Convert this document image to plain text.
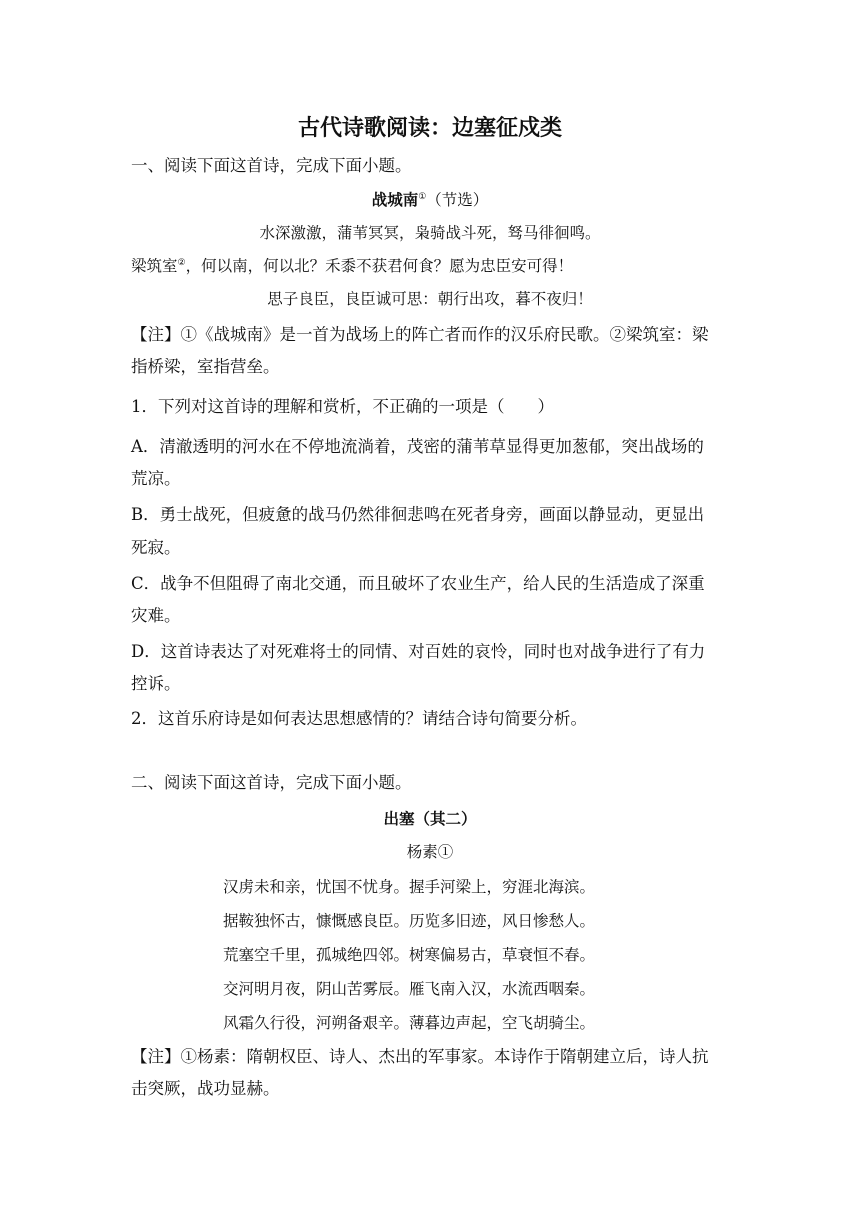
古代诗歌阅读：边塞征戍类
一、阅读下面这首诗，完成下面小题。
战城南①（节选）
水深激激，蒲苇冥冥，枭骑战斗死，驽马徘徊鸣。
梁筑室②，何以南，何以北？禾黍不获君何食？愿为忠臣安可得！
思子良臣，良臣诚可思：朝行出攻，暮不夜归！
【注】①《战城南》是一首为战场上的阵亡者而作的汉乐府民歌。②梁筑室：梁
指桥梁，室指营垒。
1．下列对这首诗的理解和赏析，不正确的一项是（　　）
A．清澈透明的河水在不停地流淌着，茂密的蒲苇草显得更加葱郁，突出战场的
荒凉。
B．勇士战死，但疲惫的战马仍然徘徊悲鸣在死者身旁，画面以静显动，更显出
死寂。
C．战争不但阻碍了南北交通，而且破坏了农业生产，给人民的生活造成了深重
灾难。
D．这首诗表达了对死难将士的同情、对百姓的哀怜，同时也对战争进行了有力
控诉。
2．这首乐府诗是如何表达思想感情的？请结合诗句简要分析。
二、阅读下面这首诗，完成下面小题。
出塞（其二）
杨素①
汉虏未和亲，忧国不忧身。握手河梁上，穷涯北海滨。
据鞍独怀古，慷慨感良臣。历览多旧迹，风日惨愁人。
荒塞空千里，孤城绝四邻。树寒偏易古，草衰恒不春。
交河明月夜，阴山苦雾辰。雁飞南入汉，水流西咽秦。
风霜久行役，河朔备艰辛。薄暮边声起，空飞胡骑尘。
【注】①杨素：隋朝权臣、诗人、杰出的军事家。本诗作于隋朝建立后，诗人抗
击突厥，战功显赫。
